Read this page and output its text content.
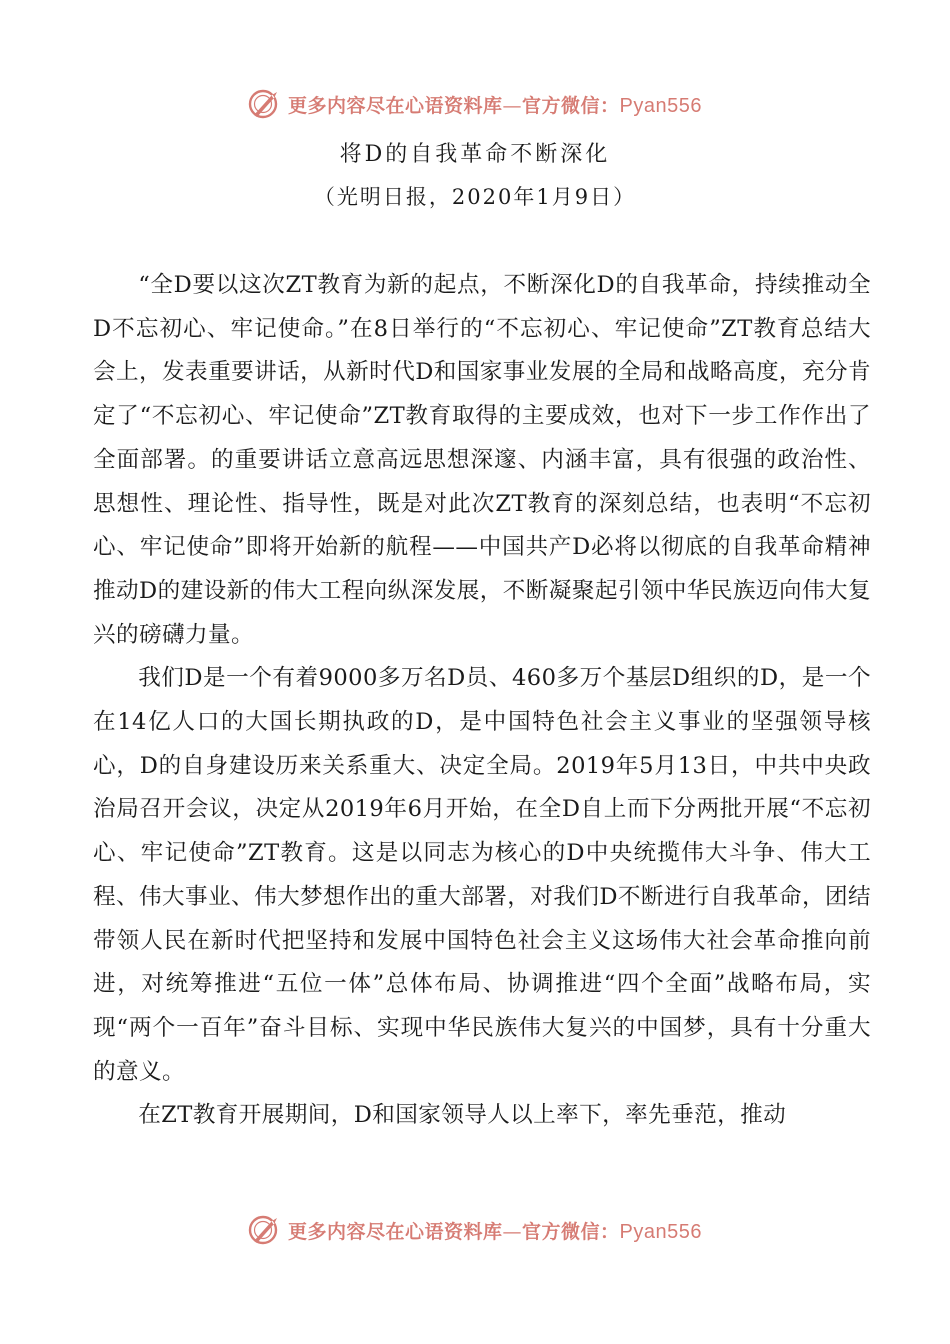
更多内容尽在心语资料库—官方微信：Pyan556
将D的自我革命不断深化
（光明日报，2020年1月9日）

“全D要以这次ZT教育为新的起点，不断深化D的自我革命，持续推动全D不忘初心、牢记使命。”在8日举行的“不忘初心、牢记使命”ZT教育总结大会上，发表重要讲话，从新时代D和国家事业发展的全局和战略高度，充分肯定了“不忘初心、牢记使命”ZT教育取得的主要成效，也对下一步工作作出了全面部署。的重要讲话立意高远思想深邃、内涵丰富，具有很强的政治性、思想性、理论性、指导性，既是对此次ZT教育的深刻总结，也表明“不忘初心、牢记使命”即将开始新的航程——中国共产D必将以彻底的自我革命精神推动D的建设新的伟大工程向纵深发展，不断凝聚起引领中华民族迈向伟大复兴的磅礴力量。

我们D是一个有着9000多万名D员、460多万个基层D组织的D，是一个在14亿人口的大国长期执政的D，是中国特色社会主义事业的坚强领导核心，D的自身建设历来关系重大、决定全局。2019年5月13日，中共中央政治局召开会议，决定从2019年6月开始，在全D自上而下分两批开展“不忘初心、牢记使命”ZT教育。这是以同志为核心的D中央统揽伟大斗争、伟大工程、伟大事业、伟大梦想作出的重大部署，对我们D不断进行自我革命，团结带领人民在新时代把坚持和发展中国特色社会主义这场伟大社会革命推向前进，对统筹推进“五位一体”总体布局、协调推进“四个全面”战略布局，实现“两个一百年”奋斗目标、实现中华民族伟大复兴的中国梦，具有十分重大的意义。

在ZT教育开展期间，D和国家领导人以上率下，率先垂范，推动

更多内容尽在心语资料库—官方微信：Pyan556
